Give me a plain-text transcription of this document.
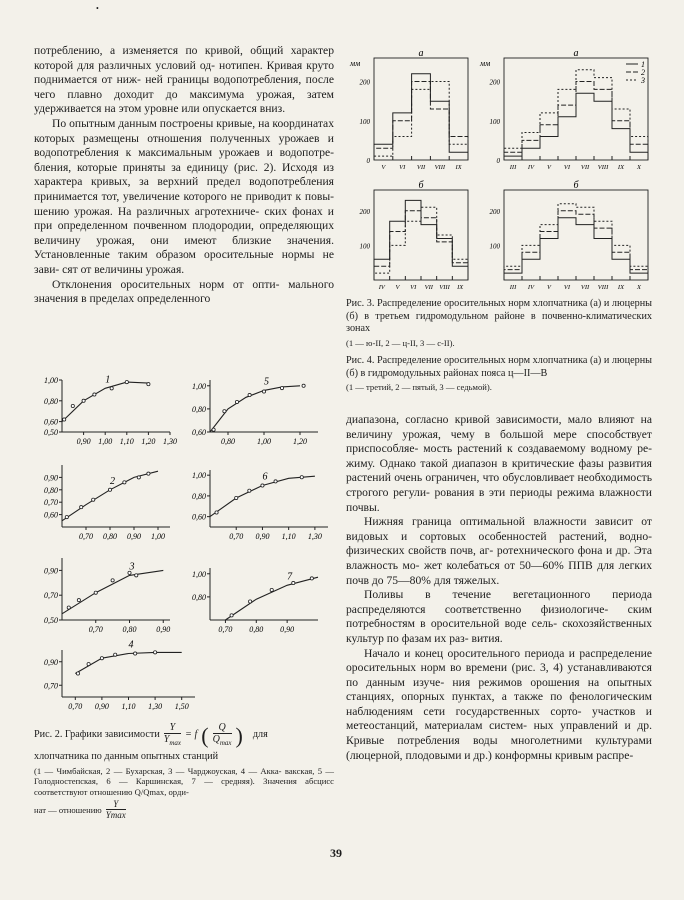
•

потреблению, а изменяется по кривой, общий характер которой для различных условий од- нотипен. Кривая круто поднимается от ниж- ней границы водопотребления, после чего плавно доходит до максимума урожая, затем удерживается на этом уровне или опускается вниз.

По опытным данным построены кривые, на координатах которых размещены отношения полученных урожаев и водопотребления к максимальным урожаев и водопотре- бления, которые приняты за единицу (рис. 2). Исходя из характера кривых, за верхний предел водопотребления принимается тот, увеличение которого не приводит к повы- шению урожая. На различных агротехниче- ских фонах и при определенном почвенном плодородии, определяющих величину урожая, они имеют близкие значения. Установленные таким образом оросительные нормы не зави- сят от величины урожая.

Отклонения оросительных норм от опти- мального значения в пределах определенного

0,90 1,00 1,10 1,20 1,30
1,00
0,80
0,60
0,50
1
0,80	1,00	1,20
1,00
0,80
0,60
5
0,70 0,80 0,90 1,00
0,90
0,80
0,70
0,60
2
0,70 0,90 1,10 1,30
1,00
0,80
0,60
6
0,70 0,80 0,90
0,90
0,70
0,50
3
0,70 0,80 0,90
1,00
0,80
7
0,70 0,90 1,10 1,30 1,50
0,90
0,70
4
Рис. 2. Графики зависимости $\frac{Y}{Y_{max}} = f$ ( $\frac{Q}{Q_{max}}$ ) для
хлопчатника по данным опытных станций
(1 — Чимбайская, 2 — Бухарская, 3 — Чарджоуская, 4 — Акка- вакская, 5 — Голодностепская, 6 — Каршинская, 7 — средняя). Значения абсцисс соответствуют отношению Q/Qmax, орди-
нат — отношению $\frac{Y}{Ymax}$
0
100
200
мм
а
V VI VII VIII IX
0
100
200
мм
а
III IV V VI VII VIII IX X
1
2
3
100
200
б
IV V VI VII VIII IX
100
200
б
III IV V VI VII VIII IX X
Рис. 3. Распределение оросительных норм хлопчатника (а) и люцерны (б) в третьем гидромодульном районе в почвенно-климатических зонах
(1 — ю-II, 2 — ц-II, 3 — с-II).
Рис. 4. Распределение оросительных норм хлопчатника (а) и люцерны (б) в гидромодульных районах пояса ц—II—В
(1 — третий, 2 — пятый, 3 — седьмой).

диапазона, согласно кривой зависимости, мало влияют на величину урожая, чему в большой мере способствует приспособляе- мость растений к создаваемому водному ре- жиму. Однако такой диапазон в критические фазы развития растений очень ограничен, что обусловливает необходимость строгого регули- рования в эти периоды режима влажности почвы.

Нижняя граница оптимальной влажности зависит от видовых и сортовых особенностей растений, водно-физических свойств почв, аг- ротехнического фона и др. Эта влажность мо- жет колебаться от 50—60% ППВ для легких почв до 75—80% для тяжелых.

Поливы в течение вегетационного периода распределяются соответственно физиологиче- ским потребностям в оросительной воде сель- скохозяйственных культур по фазам их раз- вития.

Начало и конец оросительного периода и распределение оросительных норм во времени (рис. 3, 4) устанавливаются по данным изуче- ния режимов орошения на опытных станциях, опорных пунктах, а также по фенологическим наблюдениям сети государственных сорто- участков и метеостанций, материалам систем- ных управлений и др. Кривые потребления воды многолетними культурами (люцерной, плодовыми и др.) конформны кривым распре-

39
